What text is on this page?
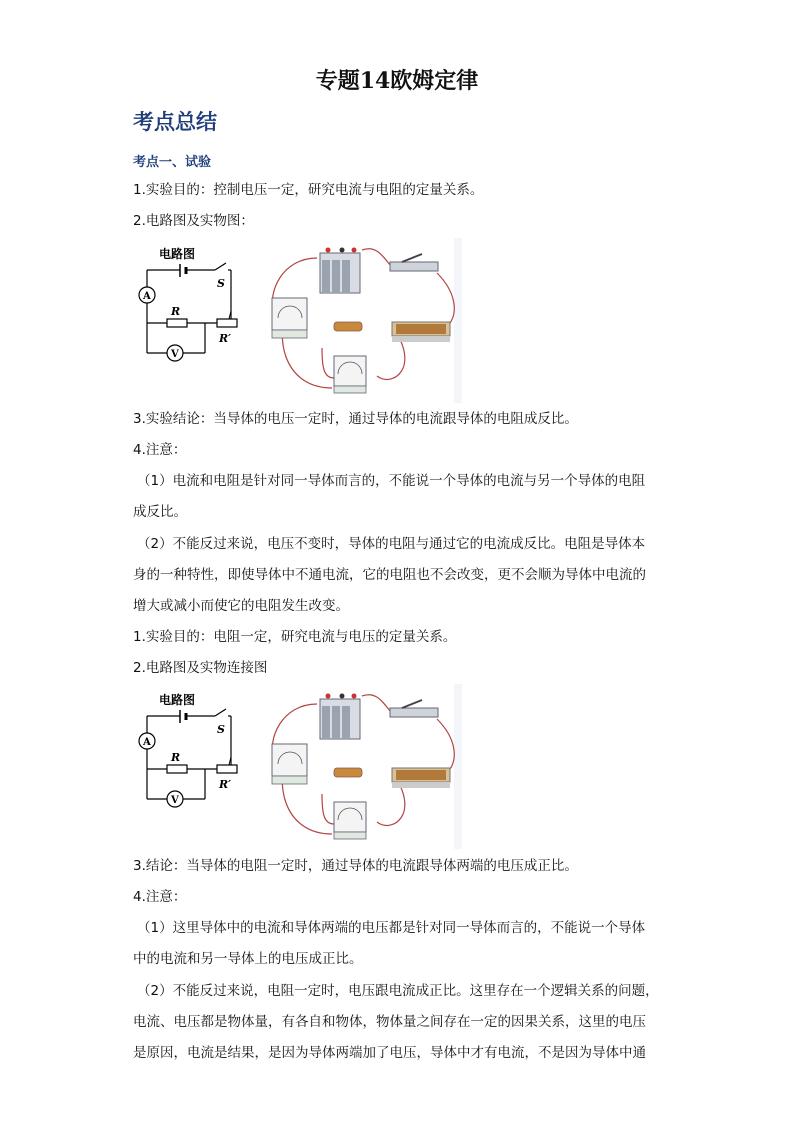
专题14欧姆定律
考点总结
考点一、试验
1.实验目的：控制电压一定，研究电流与电阻的定量关系。
2.电路图及实物图：
电路图
S
A
R
R′
V
3.实验结论：当导体的电压一定时，通过导体的电流跟导体的电阻成反比。
4.注意：
（1）电流和电阻是针对同一导体而言的，不能说一个导体的电流与另一个导体的电阻
成反比。
（2）不能反过来说，电压不变时，导体的电阻与通过它的电流成反比。电阻是导体本
身的一种特性，即使导体中不通电流，它的电阻也不会改变，更不会顺为导体中电流的
增大或减小而使它的电阻发生改变。
1.实验目的：电阻一定，研究电流与电压的定量关系。
2.电路图及实物连接图
电路图
S
A
R
R′
V
3.结论：当导体的电阻一定时，通过导体的电流跟导体两端的电压成正比。
4.注意：
（1）这里导体中的电流和导体两端的电压都是针对同一导体而言的，不能说一个导体
中的电流和另一导体上的电压成正比。
（2）不能反过来说，电阻一定时，电压跟电流成正比。这里存在一个逻辑关系的问题，
电流、电压都是物体量，有各自和物体，物体量之间存在一定的因果关系，这里的电压
是原因，电流是结果，是因为导体两端加了电压，导体中才有电流，不是因为导体中通
